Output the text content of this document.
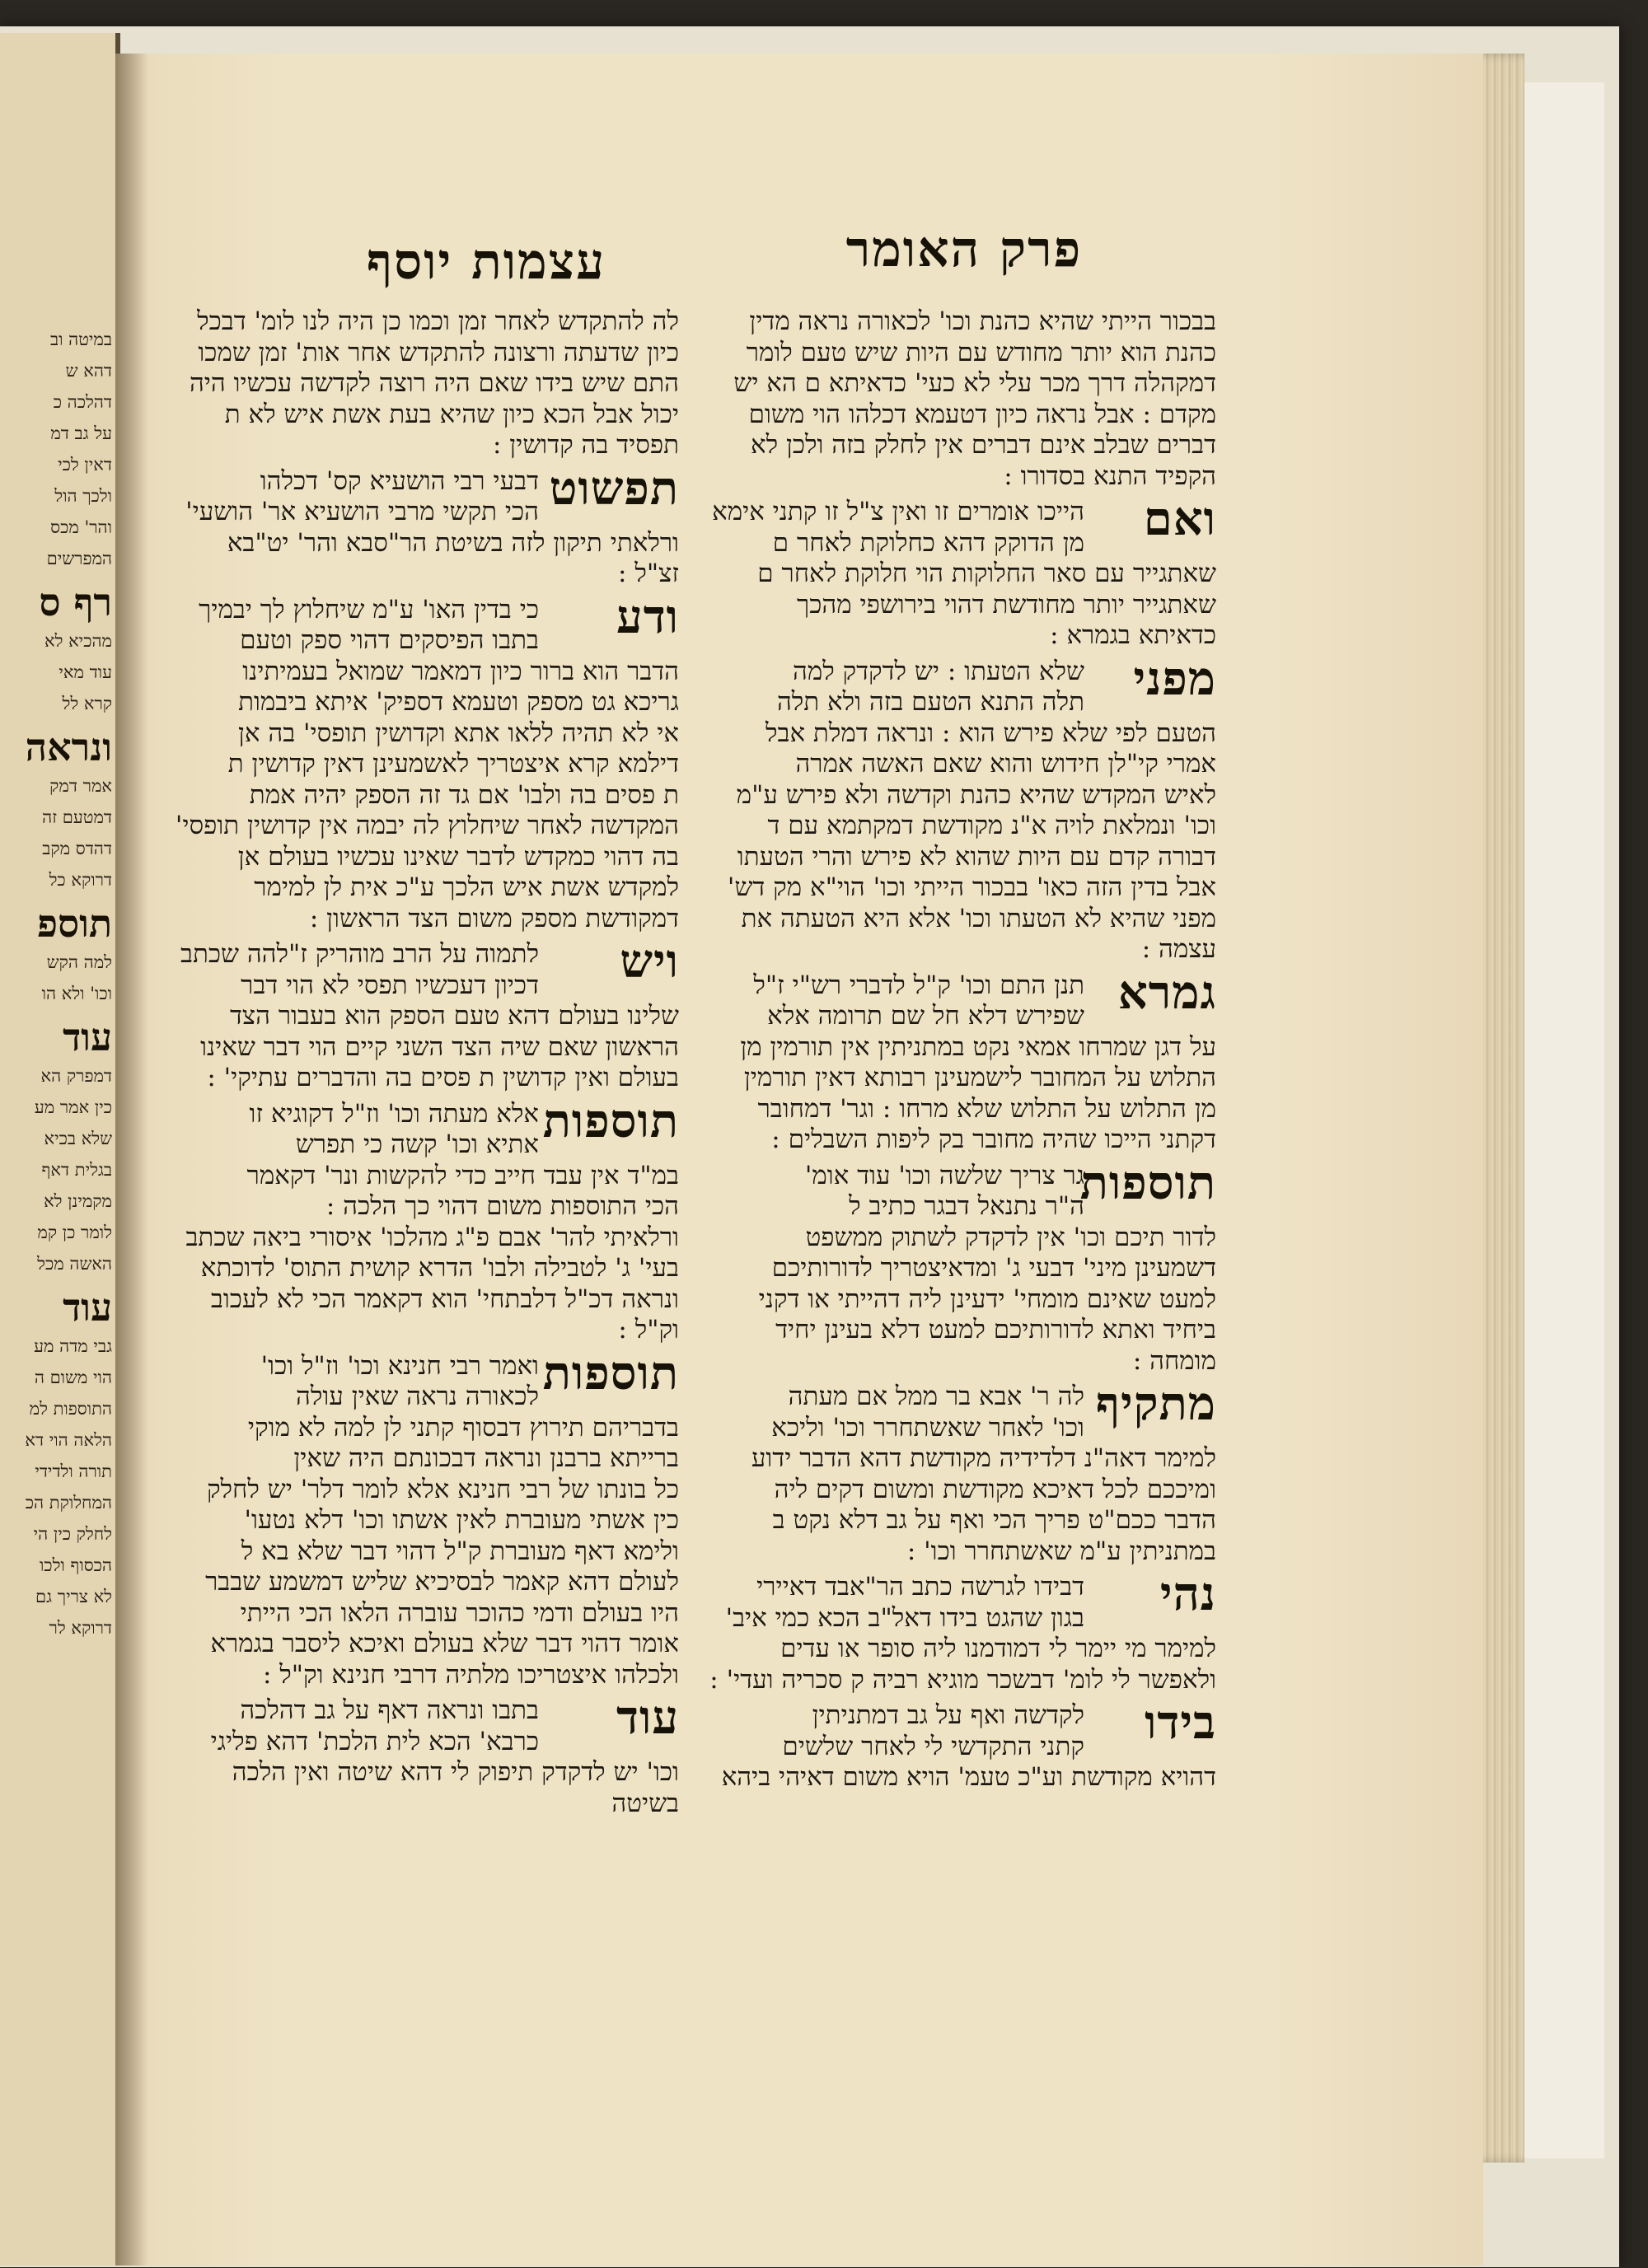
במיטה וב
דהא ש
דהלכה כ
על גב דמ
דאין לכי
ולכך הול
והר' מכס
המפרשים
רף ס
מהכיא לא
עוד מאי
קרא לל
ונראה
אמר דמק
דמטעם זה
דהדס מקב
דרוקא כל
תוספ
למה הקש
וכו' ולא הו
עוד
דמפרק הא
כין אמר מע
שלא בכיא
בגלית דאף
מקמינן לא
לומר כן קמ
האשה מכל
עוד
גבי מדה מע
הוי משום ה
התוספות למ
הלאה הוי דא
תורה ולדידי
המחלוקת הכ
לחלק כין הי
הכסוף ולכו
לא צריך גם
דרוקא לר
פרק האומר
עצמות יוסף
בבכור הייתי שהיא כהנת וכו' לכאורה נראה מדין
כהנת הוא יותר מחודש עם היות שיש טעם לומר
דמקהלה דרך מכר עלי לא כעי' כדאיתא ם הא יש
מקדם : אבל נראה כיון דטעמא דכלהו הוי משום
דברים שבלב אינם דברים אין לחלק בזה ולכן לא
הקפיד התנא בסדורו :
ואם
הייכו אומרים זו ואין צ"ל זו קתני אימא
מן הדוקק דהא כחלוקת לאחר ם
שאתגייר עם סאר החלוקות הוי חלוקת לאחר ם
שאתגייר יותר מחודשת דהוי בירושפי מהכך
כדאיתא בגמרא :
מפני
שלא הטעתו : יש לדקדק למה
תלה התנא הטעם בזה ולא תלה
הטעם לפי שלא פירש הוא : ונראה דמלת אבל
אמרי קי"לן חידוש והוא שאם האשה אמרה
לאיש המקדש שהיא כהנת וקדשה ולא פירש ע"מ
וכו' ונמלאת לויה א"נ מקודשת דמקתמא עם ד
דבורה קדם עם היות שהוא לא פירש והרי הטעתו
אבל בדין הזה כאו' בבכור הייתי וכו' הוי"א מק דש'
מפני שהיא לא הטעתו וכו' אלא היא הטעתה את
עצמה :
גמרא
תנן התם וכו' ק"ל לדברי רש"י ז"ל
שפירש דלא חל שם תרומה אלא
על דגן שמרחו אמאי נקט במתניתין אין תורמין מן
התלוש על המחובר לישמעינן רבותא דאין תורמין
מן התלוש על התלוש שלא מרחו : וגר' דמחובר
דקתני הייכו שהיה מחובר בק ליפות השבלים :
תוספות
גר צריך שלשה וכו' עוד אומ'
ה"ר נתנאל דבגר כתיב ל
לדור תיכם וכו' אין לדקדק לשתוק ממשפט
דשמעינן מיני' דבעי ג' ומדאיצטריך לדורותיכם
למעט שאינם מומחי' ידעינן ליה דהייתי או דקני
ביחיד ואתא לדורותיכם למעט דלא בעינן יחיד
מומחה :
מתקיף
לה ר' אבא בר ממל אם מעתה
וכו' לאחר שאשתחרר וכו' וליכא
למימר דאה"נ דלדידיה מקודשת דהא הדבר ידוע
ומיככם לכל דאיכא מקודשת ומשום דקים ליה
הדבר ככם"ט פריך הכי ואף על גב דלא נקט ב
במתניתין ע"מ שאשתחרר וכו' :
נהי
דבידו לגרשה כתב הר"אבד דאיירי
בגון שהגט בידו דאל"ב הכא כמי איב'
למימר מי יימר לי דמודמנו ליה סופר או עדים
ולאפשר לי לומ' דבשכר מוגיא רביה ק סכריה ועדי' :
בידו
לקדשה ואף על גב דמתניתין
קתני התקדשי לי לאחר שלשים
דהויא מקודשת וע"כ טעמ' הויא משום דאיהי ביהא
לה להתקדש לאחר זמן וכמו כן היה לנו לומ' דבכל
כיון שדעתה ורצונה להתקדש אחר אות' זמן שמכו
התם שיש בידו שאם היה רוצה לקדשה עכשיו היה
יכול אבל הכא כיון שהיא בעת אשת איש לא ת
תפסיד בה קדושין :
תפשוט
דבעי רבי הושעיא קס' דכלהו
הכי תקשי מרבי הושעיא אר' הושעי'
ורלאתי תיקון לזה בשיטת הר"סבא והר' יט"בא
זצ"ל :
ודע
כי בדין האו' ע"מ שיחלוץ לך יבמיך
בתבו הפיסקים דהוי ספק וטעם
הדבר הוא ברור כיון דמאמר שמואל בעמיתינו
גריכא גט מספק וטעמא דספיק' איתא ביבמות
אי לא תהיה ללאו אתא וקדושין תופסי' בה אן
דילמא קרא איצטריך לאשמעינן דאין קדושין ת
ת פסים בה ולבו' אם גד זה הספק יהיה אמת
המקדשה לאחר שיחלוץ לה יבמה אין קדושין תופסי'
בה דהוי כמקדש לדבר שאינו עכשיו בעולם אן
למקדש אשת איש הלכך ע"כ אית לן למימר
דמקודשת מספק משום הצד הראשון :
ויש
לתמוה על הרב מוהריק ז"להה שכתב
דכיון דעכשיו תפסי לא הוי דבר
שלינו בעולם דהא טעם הספק הוא בעבור הצד
הראשון שאם שיה הצד השני קיים הוי דבר שאינו
בעולם ואין קדושין ת פסים בה והדברים עתיקי' :
תוספות
אלא מעתה וכו' וז"ל דקוגיא זו
אתיא וכו' קשה כי תפרש
במ"ד אין עבד חייב כדי להקשות ונר' דקאמר
הכי התוספות משום דהוי כך הלכה :
ורלאיתי להר' אבם פ"ג מהלכו' איסורי ביאה שכתב
בעי' ג' לטבילה ולבו' הדרא קושית התוס' לדוכתא
ונראה דכ"ל דלבתחי' הוא דקאמר הכי לא לעכוב
וק"ל :
תוספות
ואמר רבי חנינא וכו' וז"ל וכו'
לכאורה נראה שאין עולה
בדבריהם תירוץ דבסוף קתני לן למה לא מוקי
ברייתא ברבנן ונראה דבכונתם היה שאין
כל בונתו של רבי חנינא אלא לומר דלר' יש לחלק
כין אשתי מעוברת לאין אשתו וכו' דלא נטעו'
ולימא דאף מעוברת ק"ל דהוי דבר שלא בא ל
לעולם דהא קאמר לבסיכיא שליש דמשמע שבבר
היו בעולם ודמי כהוכר עוברה הלאו הכי הייתי
אומר דהוי דבר שלא בעולם ואיכא ליסבר בגמרא
ולכלהו איצטריכו מלתיה דרבי חנינא וק"ל :
עוד
בתבו ונראה דאף על גב דהלכה
כרבא' הכא לית הלכת' דהא פליגי
וכו' יש לדקדק תיפוק לי דהא שיטה ואין הלכה
בשיטה
